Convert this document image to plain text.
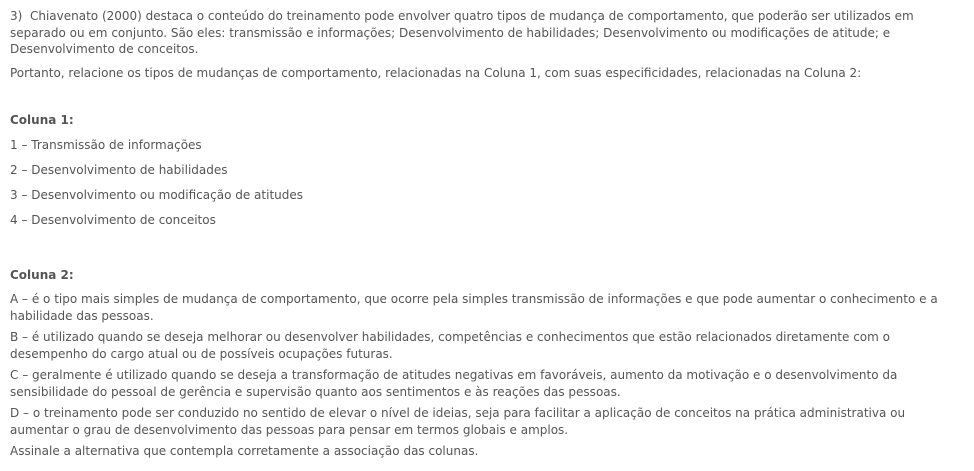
3) Chiavenato (2000) destaca o conteúdo do treinamento pode envolver quatro tipos de mudança de comportamento, que poderão ser utilizados em separado ou em conjunto. São eles: transmissão e informações; Desenvolvimento de habilidades; Desenvolvimento ou modificações de atitude; e Desenvolvimento de conceitos.

Portanto, relacione os tipos de mudanças de comportamento, relacionadas na Coluna 1, com suas especificidades, relacionadas na Coluna 2:

Coluna 1:

1 – Transmissão de informações

2 – Desenvolvimento de habilidades

3 – Desenvolvimento ou modificação de atitudes

4 – Desenvolvimento de conceitos

Coluna 2:

A – é o tipo mais simples de mudança de comportamento, que ocorre pela simples transmissão de informações e que pode aumentar o conhecimento e a habilidade das pessoas.

B – é utilizado quando se deseja melhorar ou desenvolver habilidades, competências e conhecimentos que estão relacionados diretamente com o desempenho do cargo atual ou de possíveis ocupações futuras.

C – geralmente é utilizado quando se deseja a transformação de atitudes negativas em favoráveis, aumento da motivação e o desenvolvimento da sensibilidade do pessoal de gerência e supervisão quanto aos sentimentos e às reações das pessoas.

D – o treinamento pode ser conduzido no sentido de elevar o nível de ideias, seja para facilitar a aplicação de conceitos na prática administrativa ou aumentar o grau de desenvolvimento das pessoas para pensar em termos globais e amplos.

Assinale a alternativa que contempla corretamente a associação das colunas.
